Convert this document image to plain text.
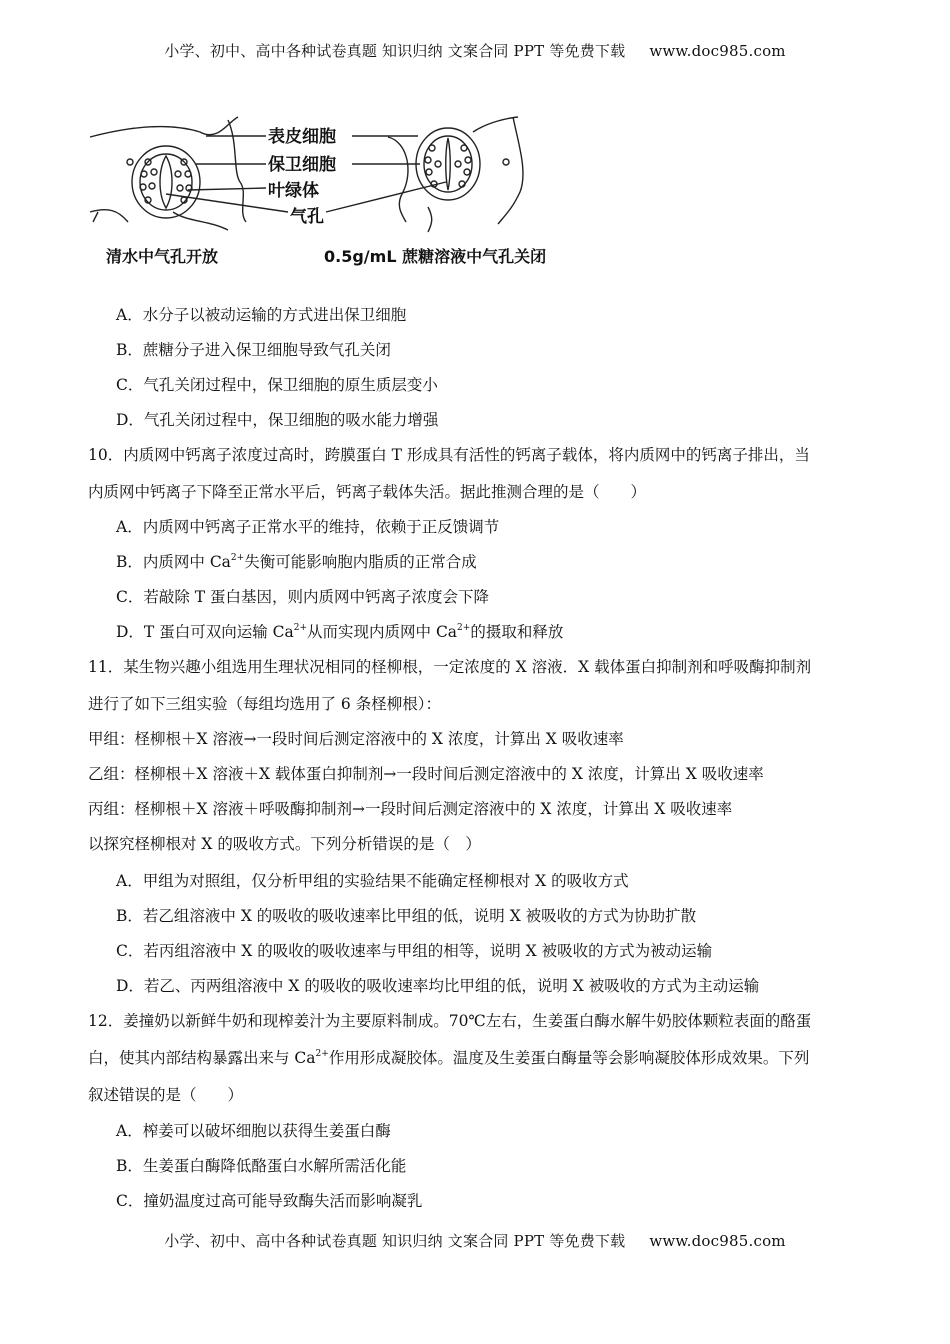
小学、初中、高中各种试卷真题 知识归纳 文案合同 PPT 等免费下载 www.doc985.com
表皮细胞
保卫细胞
叶绿体
气孔
清水中气孔开放	0.5g/mL 蔗糖溶液中气孔关闭
A．水分子以被动运输的方式进出保卫细胞
B．蔗糖分子进入保卫细胞导致气孔关闭
C．气孔关闭过程中，保卫细胞的原生质层变小
D．气孔关闭过程中，保卫细胞的吸水能力增强
10．内质网中钙离子浓度过高时，跨膜蛋白 T 形成具有活性的钙离子载体，将内质网中的钙离子排出，当
内质网中钙离子下降至正常水平后，钙离子载体失活。据此推测合理的是（　　）
A．内质网中钙离子正常水平的维持，依赖于正反馈调节
B．内质网中 $Ca^{2+}$失衡可能影响胞内脂质的正常合成
C．若敲除 T 蛋白基因，则内质网中钙离子浓度会下降
D．T 蛋白可双向运输 $Ca^{2+}$从而实现内质网中 $Ca^{2+}$的摄取和释放
11．某生物兴趣小组选用生理状况相同的柽柳根，一定浓度的 X 溶液．X 载体蛋白抑制剂和呼吸酶抑制剂
进行了如下三组实验（每组均选用了 6 条柽柳根）：
甲组：柽柳根＋X 溶液→一段时间后测定溶液中的 X 浓度，计算出 X 吸收速率
乙组：柽柳根＋X 溶液＋X 载体蛋白抑制剂→一段时间后测定溶液中的 X 浓度，计算出 X 吸收速率
丙组：柽柳根＋X 溶液＋呼吸酶抑制剂→一段时间后测定溶液中的 X 浓度，计算出 X 吸收速率
以探究柽柳根对 X 的吸收方式。下列分析错误的是（　）
A．甲组为对照组，仅分析甲组的实验结果不能确定柽柳根对 X 的吸收方式
B．若乙组溶液中 X 的吸收的吸收速率比甲组的低，说明 X 被吸收的方式为协助扩散
C．若丙组溶液中 X 的吸收的吸收速率与甲组的相等，说明 X 被吸收的方式为被动运输
D．若乙、丙两组溶液中 X 的吸收的吸收速率均比甲组的低，说明 X 被吸收的方式为主动运输
12．姜撞奶以新鲜牛奶和现榨姜汁为主要原料制成。70℃左右，生姜蛋白酶水解牛奶胶体颗粒表面的酪蛋
白，使其内部结构暴露出来与 $Ca^{2+}$作用形成凝胶体。温度及生姜蛋白酶量等会影响凝胶体形成效果。下列
叙述错误的是（　　）
A．榨姜可以破坏细胞以获得生姜蛋白酶
B．生姜蛋白酶降低酪蛋白水解所需活化能
C．撞奶温度过高可能导致酶失活而影响凝乳
小学、初中、高中各种试卷真题 知识归纳 文案合同 PPT 等免费下载 www.doc985.com
